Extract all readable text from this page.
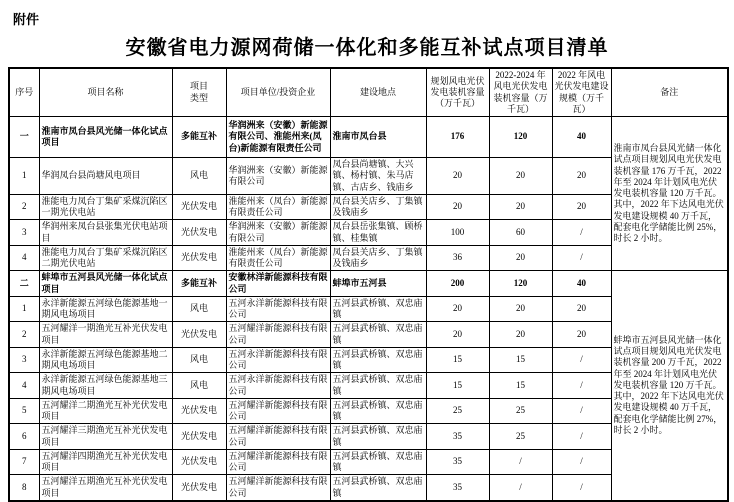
附件
安徽省电力源网荷储一体化和多能互补试点项目清单
序号	项目名称	项目类型	项目单位/投资企业	建设地点	规划风电光伏发电装机容量（万千瓦）	2022-2024 年风电光伏发电装机容量（万千瓦）	2022 年风电光伏发电建设规模（万千瓦）	备注
一	淮南市凤台县风光储一体化试点项目	多能互补	华润洲来（安徽）新能源有限公司、淮能州来(凤台)新能源有限责任公司	淮南市凤台县	176	120	40	淮南市凤台县风光储一体化试点项目规划风电光伏发电装机容量 176 万千瓦，2022 年至 2024 年计划风电光伏发电装机容量 120 万千瓦。其中，2022 年下达风电光伏发电建设规模 40 万千瓦，配套电化学储能比例 25%，时长 2 小时。
1	华润凤台县尚塘风电项目	风电	华润洲来（安徽）新能源有限公司	凤台县尚塘镇、大兴镇、杨村镇、朱马店镇、古店乡、钱庙乡	20	20	20	
2	淮能电力凤台丁集矿采煤沉陷区一期光伏电站	光伏发电	淮能州来（凤台）新能源有限责任公司	凤台县关店乡、丁集镇及钱庙乡	20	20	20	
3	华润州来凤台县张集光伏电站项目	光伏发电	华润洲来（安徽）新能源有限公司	凤台县岳张集镇、顾桥镇、桂集镇	100	60	/	
4	淮能电力凤台丁集矿采煤沉陷区二期光伏电站	光伏发电	淮能州来（凤台）新能源有限责任公司	凤台县关店乡、丁集镇及钱庙乡	36	20	/	
二	蚌埠市五河县风光储一体化试点项目	多能互补	安徽林洋新能源科技有限公司	蚌埠市五河县	200	120	40	蚌埠市五河县风光储一体化试点项目规划风电光伏发电装机容量 200 万千瓦，2022 年至 2024 年计划风电光伏发电装机容量 120 万千瓦。其中，2022 年下达风电光伏发电建设规模 40 万千瓦，配套电化学储能比例 27%，时长 2 小时。
1	永洋新能源五河绿色能源基地一期风电场项目	风电	五河永洋新能源科技有限公司	五河县武桥镇、双忠庙镇	20	20	20	
2	五河耀洋一期渔光互补光伏发电项目	光伏发电	五河耀洋新能源科技有限公司	五河县武桥镇、双忠庙镇	20	20	20	
3	永洋新能源五河绿色能源基地二期风电场项目	风电	五河永洋新能源科技有限公司	五河县武桥镇、双忠庙镇	15	15	/	
4	永洋新能源五河绿色能源基地三期风电场项目	风电	五河永洋新能源科技有限公司	五河县武桥镇、双忠庙镇	15	15	/	
5	五河耀洋二期渔光互补光伏发电项目	光伏发电	五河耀洋新能源科技有限公司	五河县武桥镇、双忠庙镇	25	25	/	
6	五河耀洋三期渔光互补光伏发电项目	光伏发电	五河耀洋新能源科技有限公司	五河县武桥镇、双忠庙镇	35	25	/	
7	五河耀洋四期渔光互补光伏发电项目	光伏发电	五河耀洋新能源科技有限公司	五河县武桥镇、双忠庙镇	35	/	/	
8	五河耀洋五期渔光互补光伏发电项目	光伏发电	五河耀洋新能源科技有限公司	五河县武桥镇、双忠庙镇	35	/	/	
